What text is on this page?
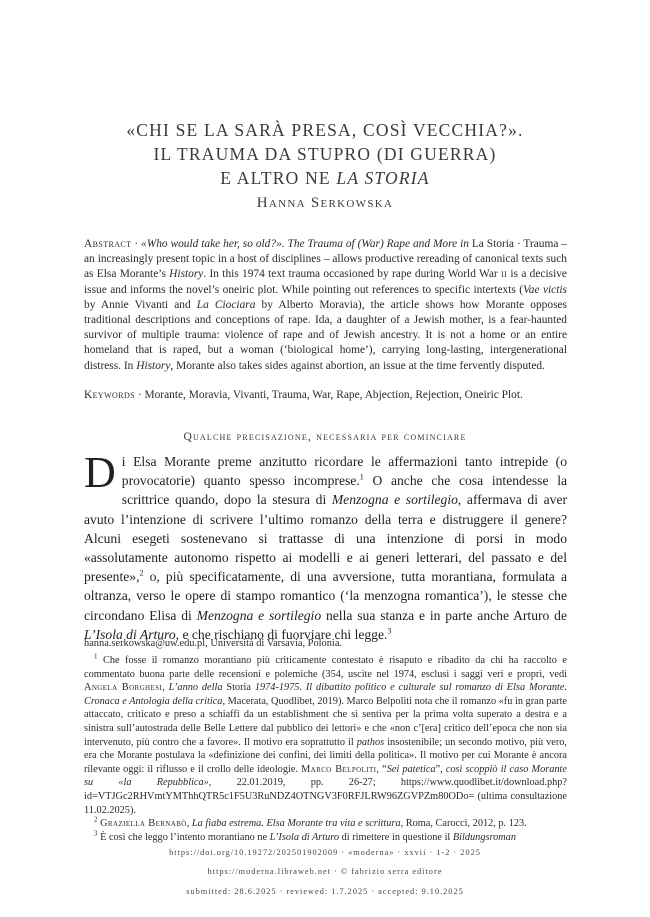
«CHI SE LA SARÀ PRESA, COSÌ VECCHIA?».
IL TRAUMA DA STUPRO (DI GUERRA)
E ALTRO NE LA STORIA
Hanna Serkowska
Abstract · «Who would take her, so old?». The Trauma of (War) Rape and More in La Storia · Trauma – an increasingly present topic in a host of disciplines – allows productive rereading of canonical texts such as Elsa Morante’s History. In this 1974 text trauma occasioned by rape during World War ii is a decisive issue and informs the novel’s oneiric plot. While pointing out references to specific intertexts (Vae victis by Annie Vivanti and La Ciociara by Alberto Moravia), the article shows how Morante opposes traditional descriptions and conceptions of rape. Ida, a daughter of a Jewish mother, is a fear-haunted survivor of multiple trauma: violence of rape and of Jewish ancestry. It is not a home or an entire homeland that is raped, but a woman (‘biological home’), carrying long-lasting, intergenerational distress. In History, Morante also takes sides against abortion, an issue at the time fervently disputed.
Keywords · Morante, Moravia, Vivanti, Trauma, War, Rape, Abjection, Rejection, Oneiric Plot.
Qualche precisazione, necessaria per cominciare
Di Elsa Morante preme anzitutto ricordare le affermazioni tanto intrepide (o provocatorie) quanto spesso incomprese.$^1$ O anche che cosa intendesse la scrittrice quando, dopo la stesura di Menzogna e sortilegio, affermava di aver avuto l’intenzione di scrivere l’ultimo romanzo della terra e distruggere il genere? Alcuni esegeti sostenevano si trattasse di una intenzione di porsi in modo «assolutamente autonomo rispetto ai modelli e ai generi letterari, del passato e del presente»,$^2$ o, più specificatamente, di una avversione, tutta morantiana, formulata a oltranza, verso le opere di stampo romantico (‘la menzogna romantica’), le stesse che circondano Elisa di Menzogna e sortilegio nella sua stanza e in parte anche Arturo de L’Isola di Arturo, e che rischiano di fuorviare chi legge.$^3$
hanna.serkowska@uw.edu.pl, Università di Varsavia, Polonia.

$^1$ Che fosse il romanzo morantiano più criticamente contestato è risaputo e ribadito da chi ha raccolto e commentato buona parte delle recensioni e polemiche (354, uscite nel 1974, esclusi i saggi veri e propri, vedi Angela Borghesi, L’anno della Storia 1974-1975. Il dibattito politico e culturale sul romanzo di Elsa Morante. Cronaca e Antologia della critica, Macerata, Quodlibet, 2019). Marco Belpoliti nota che il romanzo «fu in gran parte attaccato, criticato e preso a schiaffi da un establishment che si sentiva per la prima volta superato a destra e a sinistra sull’autostrada delle Belle Lettere dal pubblico dei lettori» e che «non c’[era] critico dell’epoca che non sia intervenuto, più contro che a favore». Il motivo era soprattutto il pathos insostenibile; un secondo motivo, più vero, era che Morante postulava la «definizione dei confini, dei limiti della politica». Il motivo per cui Morante è ancora rilevante oggi: il riflusso e il crollo delle ideologie. Marco Belpoliti, “Sei patetica”, così scoppiò il caso Morante su «la Repubblica», 22.01.2019, pp. 26-27; https://www.quodlibet.it/download.php?id=VTJGc2RHVmtYMThhQTR5c1F5U3RuNDZ4OTNGV3F0RFJLRW96ZGVPZm80ODo= (ultima consultazione 11.02.2025).

$^2$ Graziella Bernabò, La fiaba estrema. Elsa Morante tra vita e scrittura, Roma, Carocci, 2012, p. 123.

$^3$ È così che leggo l’intento morantiano ne L’Isola di Arturo di rimettere in questione il Bildungsroman

https://doi.org/10.19272/202501902009 · «moderna» · xxvii · 1-2 · 2025
https://moderna.libraweb.net · © fabrizio serra editore
submitted: 28.6.2025 · reviewed: 1.7.2025 · accepted: 9.10.2025
